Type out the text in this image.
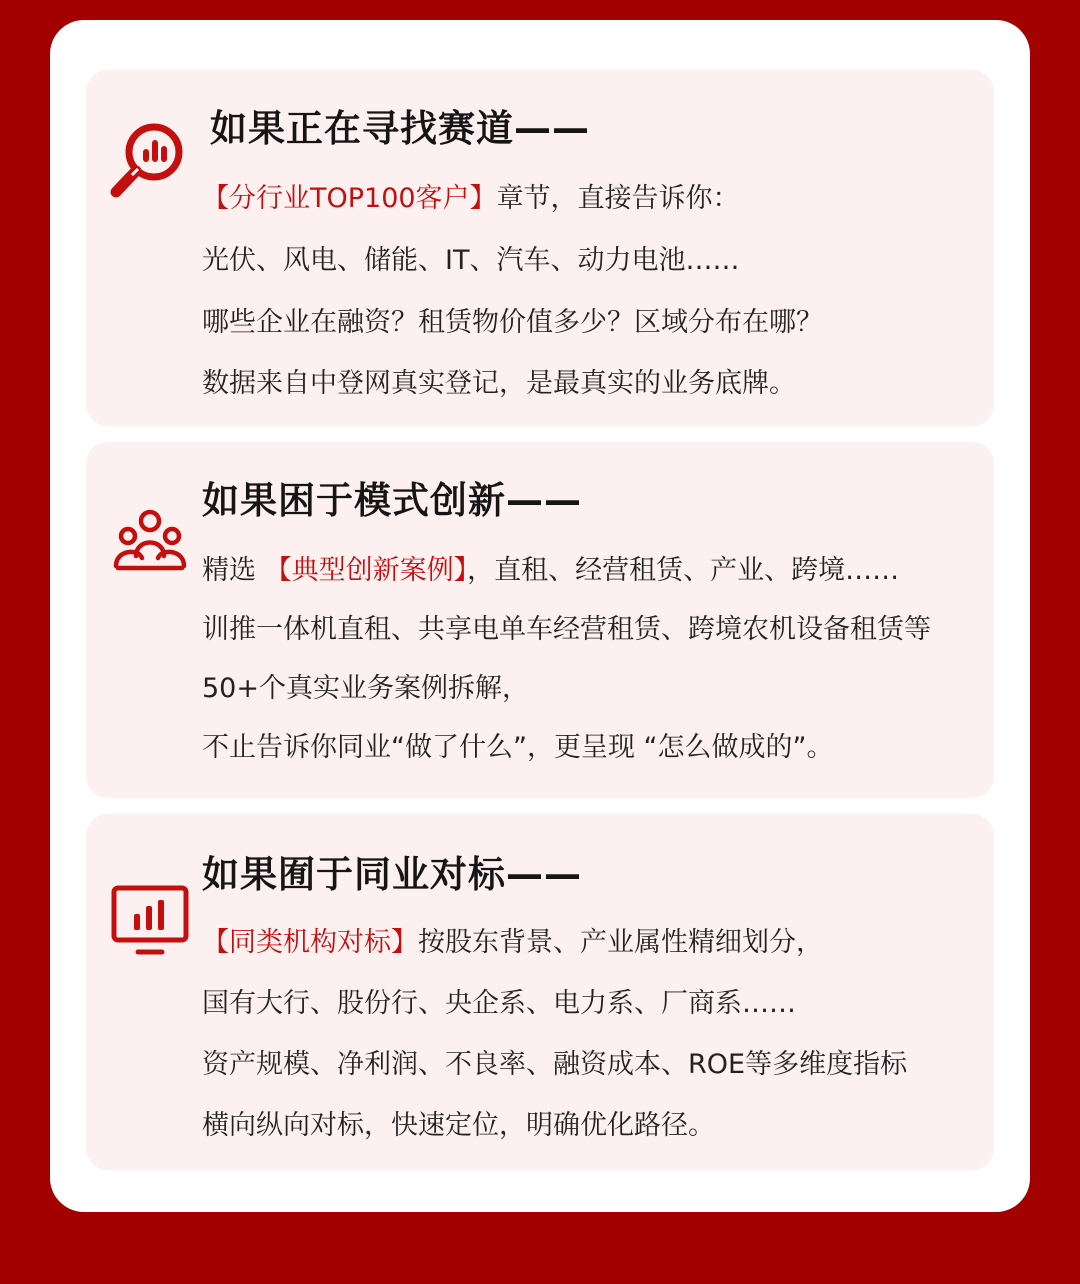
如果正在寻找赛道——
【分行业TOP100客户】章节，直接告诉你：
光伏、风电、储能、IT、汽车、动力电池……
哪些企业在融资？租赁物价值多少？区域分布在哪？
数据来自中登网真实登记，是最真实的业务底牌。
如果困于模式创新——
精选 【典型创新案例】，直租、经营租赁、产业、跨境……
训推一体机直租、共享电单车经营租赁、跨境农机设备租赁等
50+个真实业务案例拆解，
不止告诉你同业“做了什么”，更呈现 “怎么做成的”。
如果囿于同业对标——
【同类机构对标】按股东背景、产业属性精细划分，
国有大行、股份行、央企系、电力系、厂商系……
资产规模、净利润、不良率、融资成本、ROE等多维度指标
横向纵向对标，快速定位，明确优化路径。
